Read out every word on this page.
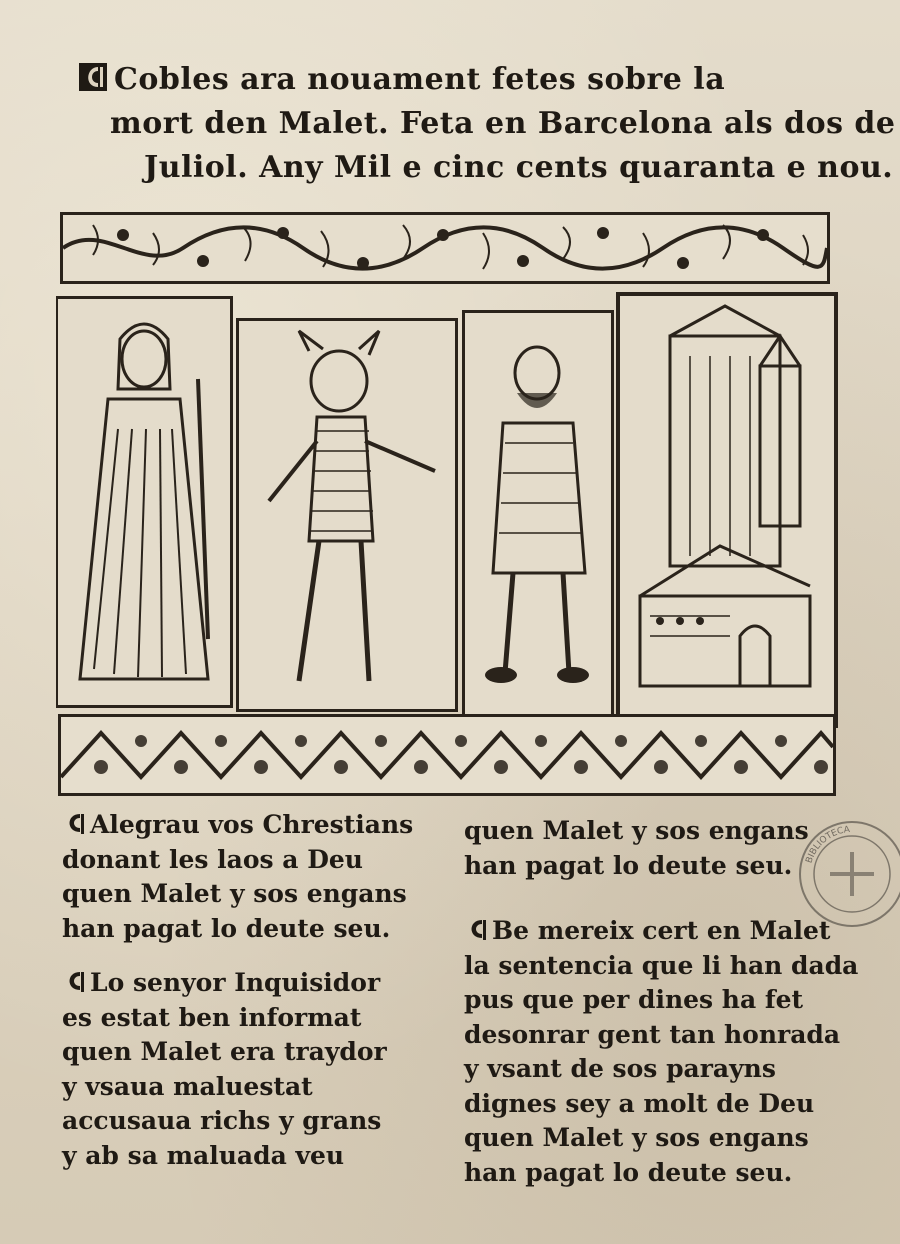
Cobles ara nouament fetes sobre la
mort den Malet. Feta en Barcelona als dos de
Juliol. Any Mil e cinc cents quaranta e nou.
Alegrau vos Chrestians
donant les laos a Deu
quen Malet y sos engans
han pagat lo deute seu.
Lo senyor Inquisidor
es estat ben informat
quen Malet era traydor
y vsaua maluestat
accusaua richs y grans
y ab sa maluada veu
quen Malet y sos engans
han pagat lo deute seu.
Be mereix cert en Malet
la sentencia que li han dada
pus que per dines ha fet
desonrar gent tan honrada
y vsant de sos parayns
dignes sey a molt de Deu
quen Malet y sos engans
han pagat lo deute seu.
BIBLIOTECA
